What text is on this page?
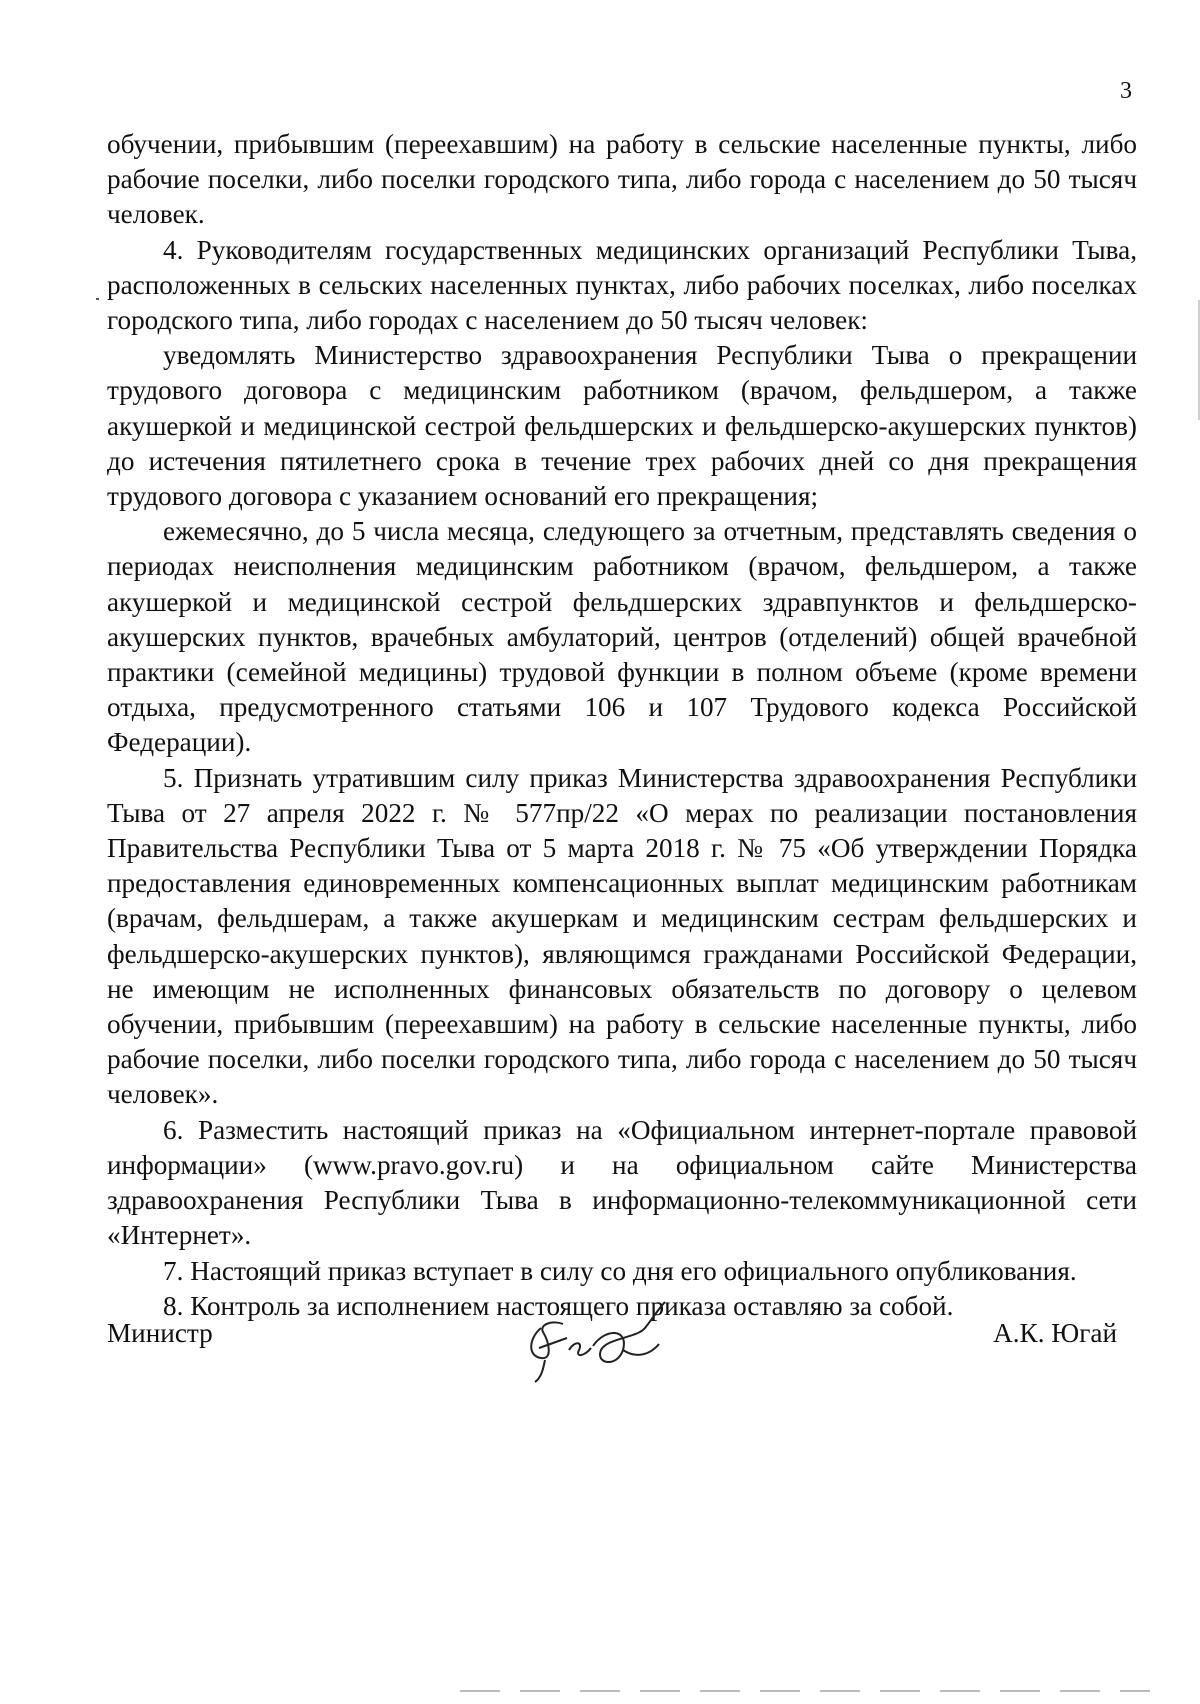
3

обучении, прибывшим (переехавшим) на работу в сельские населенные пункты, либо рабочие поселки, либо поселки городского типа, либо города с населением до 50 тысяч человек.

4. Руководителям государственных медицинских организаций Республики Тыва, расположенных в сельских населенных пунктах, либо рабочих поселках, либо поселках городского типа, либо городах с населением до 50 тысяч человек:

уведомлять Министерство здравоохранения Республики Тыва о прекращении трудового договора с медицинским работником (врачом, фельдшером, а также акушеркой и медицинской сестрой фельдшерских и фельдшерско-акушерских пунктов) до истечения пятилетнего срока в течение трех рабочих дней со дня прекращения трудового договора с указанием оснований его прекращения;

ежемесячно, до 5 числа месяца, следующего за отчетным, представлять сведения о периодах неисполнения медицинским работником (врачом, фельдшером, а также акушеркой и медицинской сестрой фельдшерских здравпунктов и фельдшерско-акушерских пунктов, врачебных амбулаторий, центров (отделений) общей врачебной практики (семейной медицины) трудовой функции в полном объеме (кроме времени отдыха, предусмотренного статьями 106 и 107 Трудового кодекса Российской Федерации).

5. Признать утратившим силу приказ Министерства здравоохранения Республики Тыва от 27 апреля 2022 г. № 577пр/22 «О мерах по реализации постановления Правительства Республики Тыва от 5 марта 2018 г. № 75 «Об утверждении Порядка предоставления единовременных компенсационных выплат медицинским работникам (врачам, фельдшерам, а также акушеркам и медицинским сестрам фельдшерских и фельдшерско-акушерских пунктов), являющимся гражданами Российской Федерации, не имеющим не исполненных финансовых обязательств по договору о целевом обучении, прибывшим (переехавшим) на работу в сельские населенные пункты, либо рабочие поселки, либо поселки городского типа, либо города с населением до 50 тысяч человек».

6. Разместить настоящий приказ на «Официальном интернет-портале правовой информации» (www.pravo.gov.ru) и на официальном сайте Министерства здравоохранения Республики Тыва в информационно-телекоммуникационной сети «Интернет».

7. Настоящий приказ вступает в силу со дня его официального опубликования.

8. Контроль за исполнением настоящего приказа оставляю за собой.

Министр	А.К. Югай
